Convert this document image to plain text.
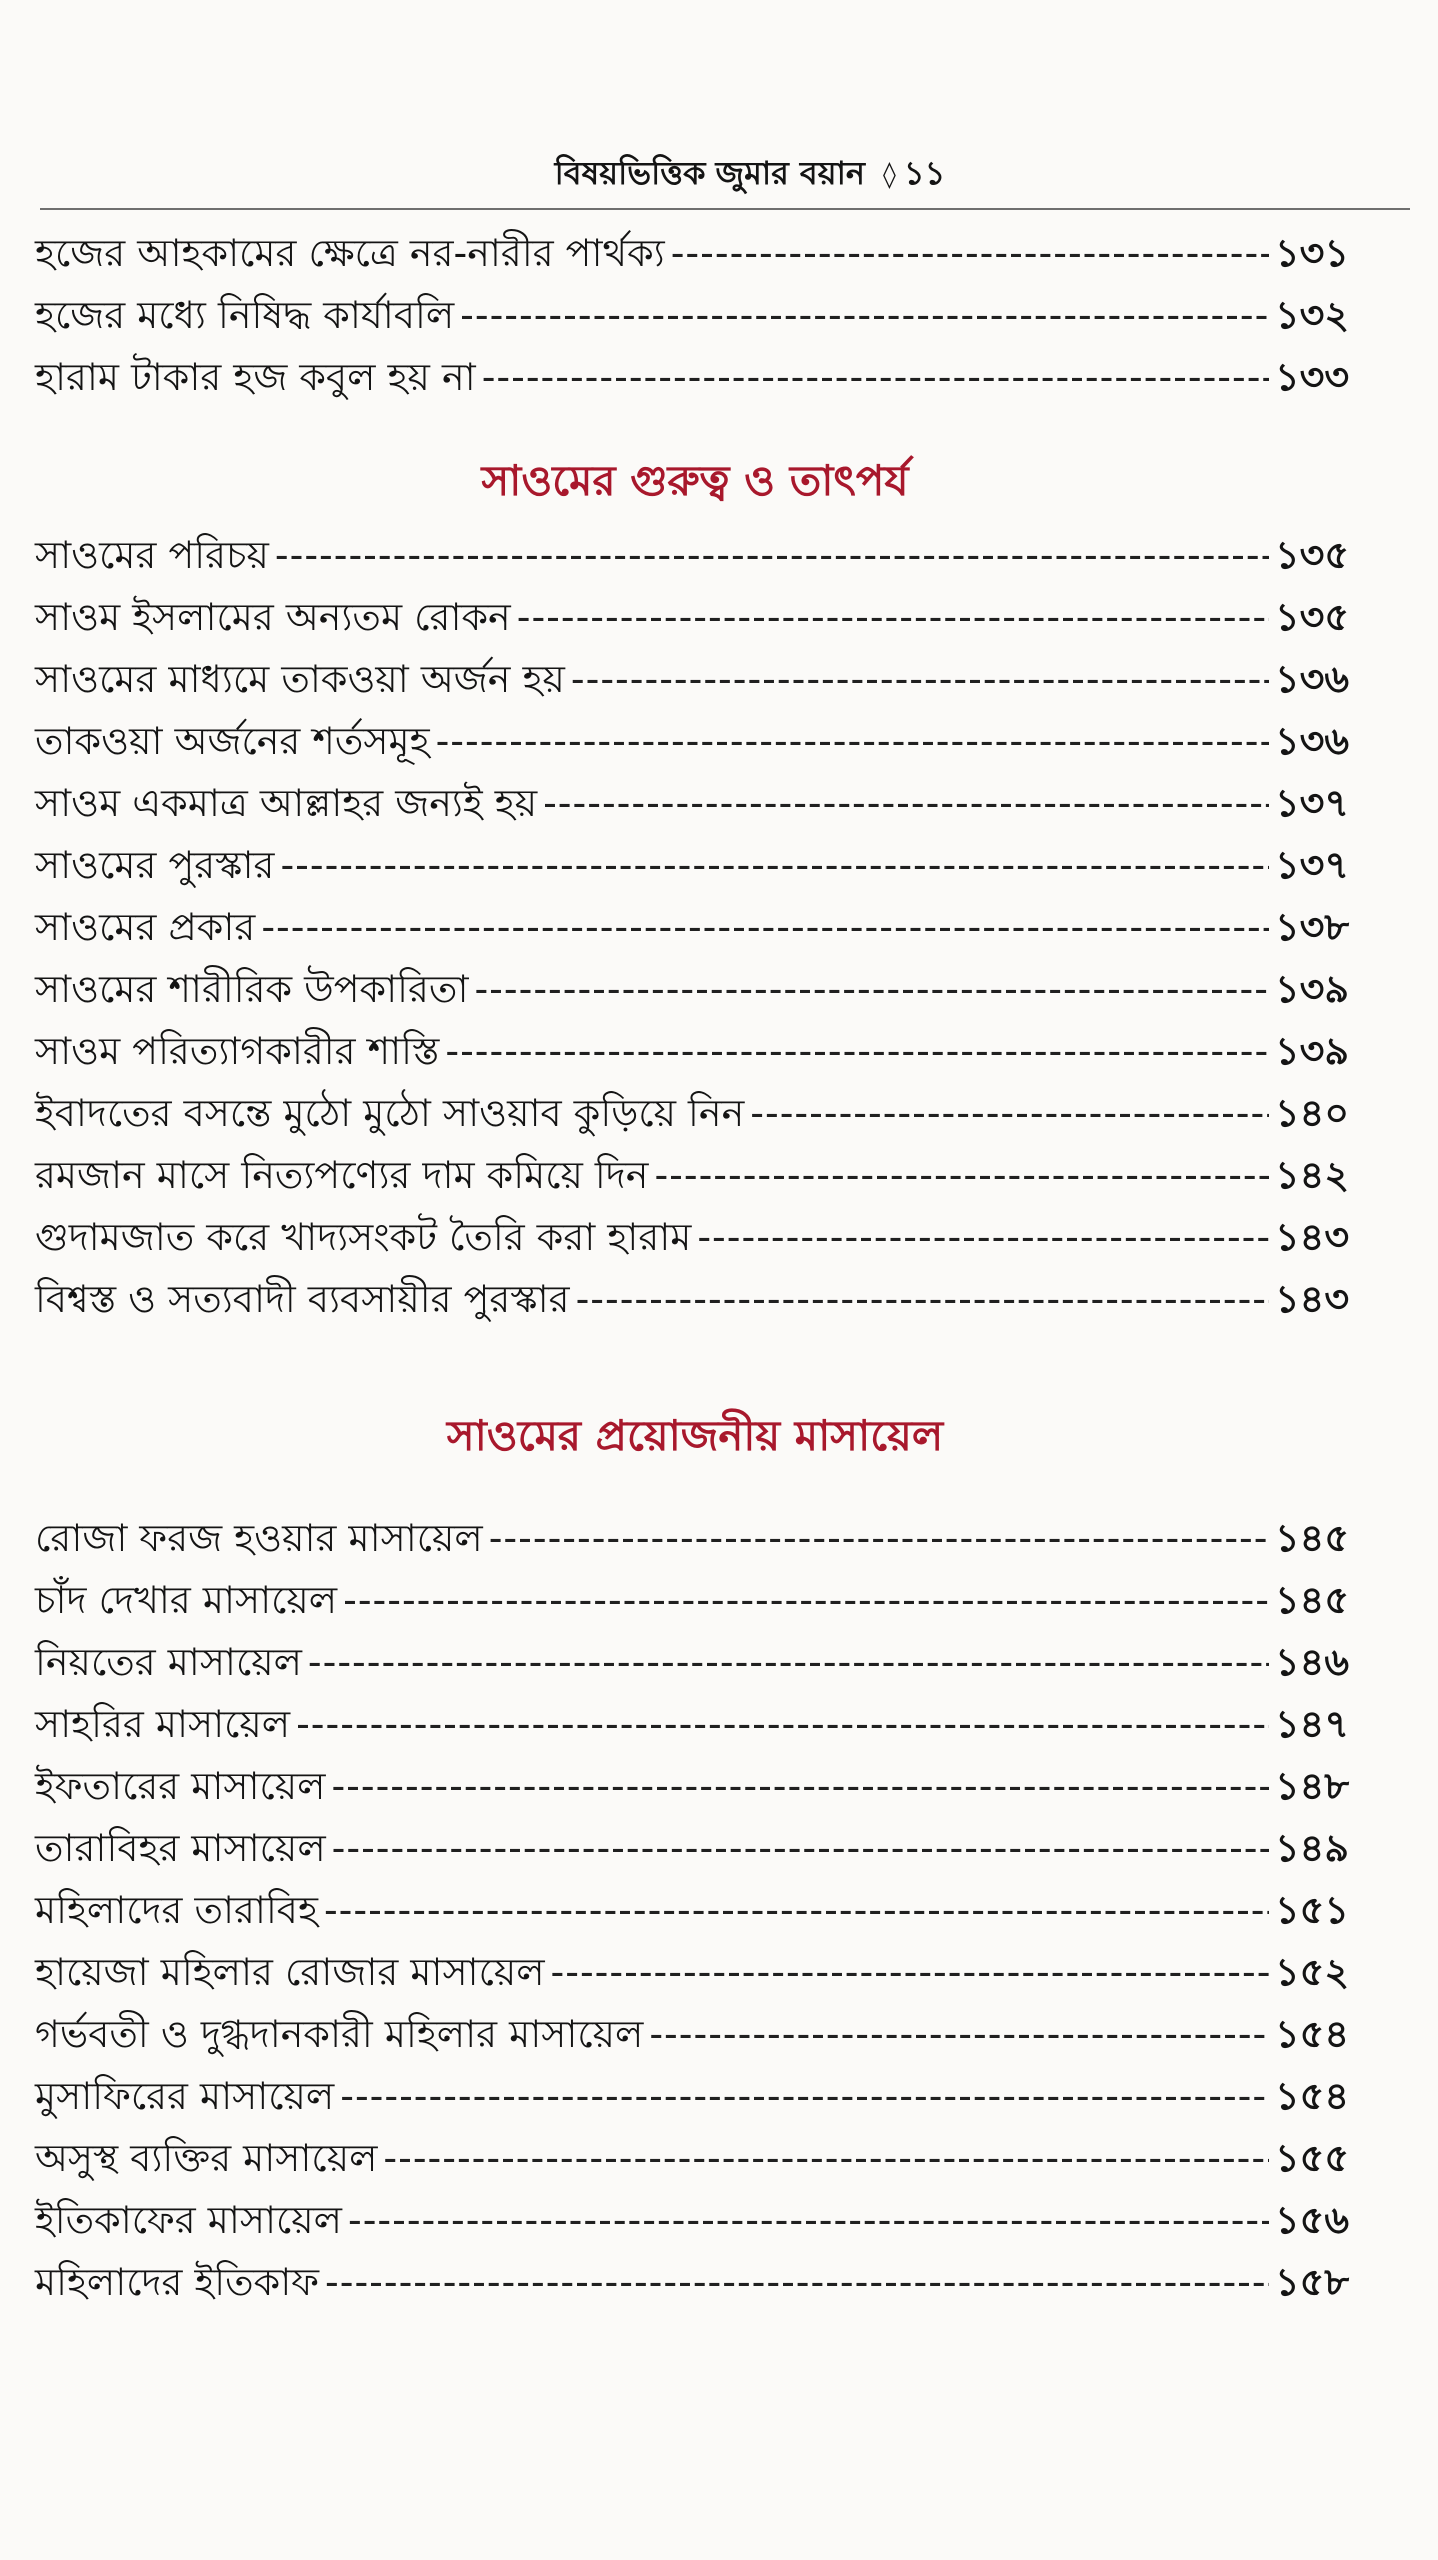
বিষয়ভিত্তিক জুমার বয়ান ◊ ১১
হজের আহকামের ক্ষেত্রে নর-নারীর পার্থক্য -----	১৩১
হজের মধ্যে নিষিদ্ধ কার্যাবলি -----	১৩২
হারাম টাকার হজ কবুল হয় না -----	১৩৩
সাওমের গুরুত্ব ও তাৎপর্য
সাওমের পরিচয় -----	১৩৫
সাওম ইসলামের অন্যতম রোকন -----	১৩৫
সাওমের মাধ্যমে তাকওয়া অর্জন হয় -----	১৩৬
তাকওয়া অর্জনের শর্তসমূহ -----	১৩৬
সাওম একমাত্র আল্লাহর জন্যই হয় -----	১৩৭
সাওমের পুরস্কার -----	১৩৭
সাওমের প্রকার -----	১৩৮
সাওমের শারীরিক উপকারিতা -----	১৩৯
সাওম পরিত্যাগকারীর শাস্তি -----	১৩৯
ইবাদতের বসন্তে মুঠো মুঠো সাওয়াব কুড়িয়ে নিন -----	১৪০
রমজান মাসে নিত্যপণ্যের দাম কমিয়ে দিন -----	১৪২
গুদামজাত করে খাদ্যসংকট তৈরি করা হারাম -----	১৪৩
বিশ্বস্ত ও সত্যবাদী ব্যবসায়ীর পুরস্কার -----	১৪৩
সাওমের প্রয়োজনীয় মাসায়েল
রোজা ফরজ হওয়ার মাসায়েল -----	১৪৫
চাঁদ দেখার মাসায়েল -----	১৪৫
নিয়তের মাসায়েল -----	১৪৬
সাহরির মাসায়েল -----	১৪৭
ইফতারের মাসায়েল -----	১৪৮
তারাবিহর মাসায়েল -----	১৪৯
মহিলাদের তারাবিহ -----	১৫১
হায়েজা মহিলার রোজার মাসায়েল -----	১৫২
গর্ভবতী ও দুগ্ধদানকারী মহিলার মাসায়েল -----	১৫৪
মুসাফিরের মাসায়েল -----	১৫৪
অসুস্থ ব্যক্তির মাসায়েল -----	১৫৫
ইতিকাফের মাসায়েল -----	১৫৬
মহিলাদের ইতিকাফ -----	১৫৮
